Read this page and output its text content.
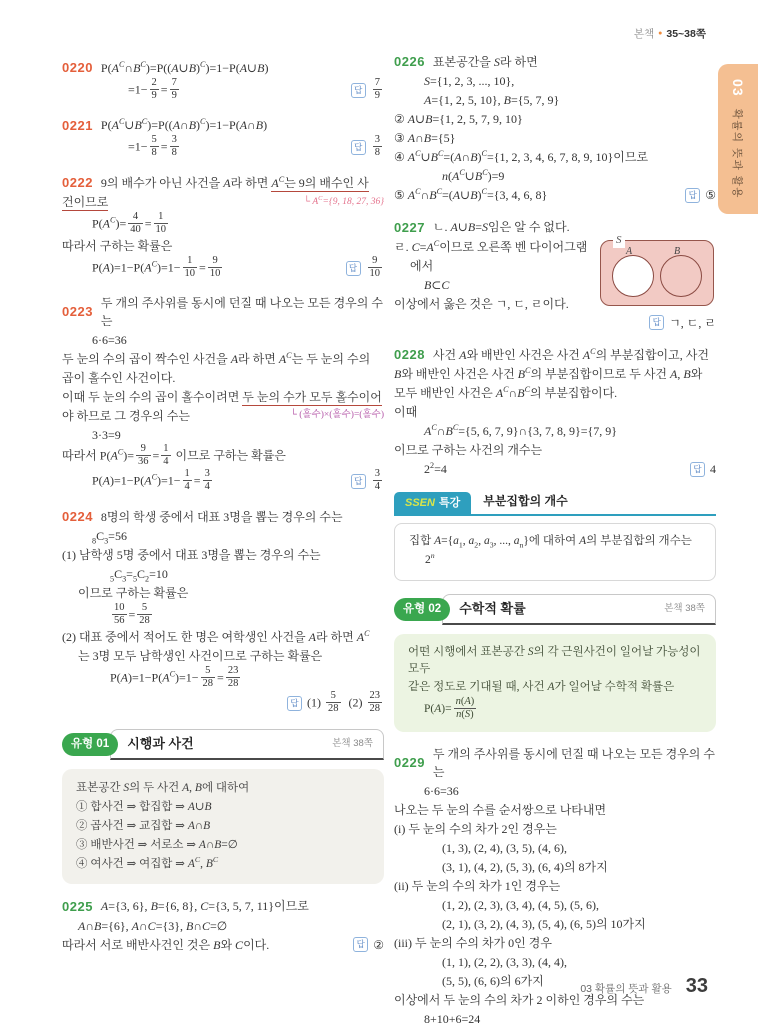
본책 ● 35~38쪽
03
확률의 뜻과 활용
0220 $P(A^C\cap B^C)=P((A\cup B)^C)=1-P(A\cup B)$
$=1- \frac{2}{9} = \frac{7}{9}$	답 $\frac{7}{9}$
0221 $P(A^C\cup B^C)=P((A\cap B)^C)=1-P(A\cap B)$
$=1- \frac{5}{8} = \frac{3}{8}$	답 $\frac{3}{8}$
0222 9의 배수가 아닌 사건을 A라 하면 $A^C$는 9의 배수인 사
건이므로	└ $A^C=\{9$, 18, 27, 36}
$P(A^C)= \frac{4}{40} = \frac{1}{10}$
따라서 구하는 확률은
$P(A)=1-P(A^C)=1- \frac{1}{10} = \frac{9}{10}$	답 $\frac{9}{10}$
0223
두 개의 주사위를 동시에 던질 때 나오는 모든 경우의 수는
6·6=36
두 눈의 수의 곱이 짝수인 사건을 A라 하면 $A^C$는 두 눈의 수의
곱이 홀수인 사건이다.
이때 두 눈의 수의 곱이 홀수이려면 두 눈의 수가 모두 홀수이어
야 하므로 그 경우의 수는	└ (홀수)×(홀수)=(홀수)
3·3=9
따라서 $P(A^C)= \frac{9}{36} = \frac{1}{4}$ 이므로 구하는 확률은
$P(A)=1-P(A^C)=1- \frac{1}{4} = \frac{3}{4}$	답 $\frac{3}{4}$
0224 8명의 학생 중에서 대표 3명을 뽑는 경우의 수는
$_8C_3=56$
(1) 남학생 5명 중에서 대표 3명을 뽑는 경우의 수는
$_5C_3=_5C_2=10$
이므로 구하는 확률은
$\frac{10}{56} = \frac{5}{28}$
(2) 대표 중에서 적어도 한 명은 여학생인 사건을 A라 하면 $A^C$
는 3명 모두 남학생인 사건이므로 구하는 확률은
$P(A)=1-P(A^C)=1- \frac{5}{28} = \frac{23}{28}$
답 $(1) \frac{5}{28} (2) \frac{23}{28}$
유형 01	시행과 사건	본책 38쪽
표본공간 S의 두 사건 A, B에 대하여
① 합사건 ⇒ 합집합 ⇒ A∪B
② 곱사건 ⇒ 교집합 ⇒ A∩B
③ 배반사건 ⇒ 서로소 ⇒ A∩B=∅
④ 여사건 ⇒ 여집합 ⇒ $A^C$, $B^C$
0225 A={3, 6}, B={6, 8}, C={3, 5, 7, 11}이므로
A∩B={6}, A∩C={3}, B∩C=∅
따라서 서로 배반사건인 것은 B와 C이다.	답 ②
0226 표본공간을 S라 하면
S={1, 2, 3, ..., 10},
A={1, 2, 5, 10}, B={5, 7, 9}
② A∪B={1, 2, 5, 7, 9, 10}
③ A∩B={5}
④ $A^C\cup B^C=(A\cap B)^C=\{1$, 2, 3, 4, 6, 7, 8, 9, 10}이므로
$n(A^C\cup B^C)=9$
⑤ $A^C\cap B^C=(A\cup B)^C=\{3$, 4, 6, 8}	답 ⑤
S
A	B
0227 ㄴ. A∪B=S임은 알 수 없다.
ㄹ. $C=A^C$이므로 오른쪽 벤 다이어그램
에서
B⊂C
이상에서 옳은 것은 ㄱ, ㄷ, ㄹ이다.
답 ㄱ, ㄷ, ㄹ
0228 사건 A와 배반인 사건은 사건 $A^C$의 부분집합이고, 사건
B와 배반인 사건은 사건 $B^C$의 부분집합이므로 두 사건 A, B와
모두 배반인 사건은 $A^C\cap B^C$의 부분집합이다.
이때
$A^C\cap B^C=\{5$, 6, 7, 9}∩{3, 7, 8, 9}={7, 9}
이므로 구하는 사건의 개수는
$2^2=4$	답 4
SSEN 특강	부분집합의 개수
집합 $A=\{a_1$, $a_2$, $a_3$, ..., $a_n$}에 대하여 A의 부분집합의 개수는
2$^n$
유형 02	수학적 확률	본책 38쪽
어떤 시행에서 표본공간 S의 각 근원사건이 일어날 가능성이 모두
같은 정도로 기대될 때, 사건 A가 일어날 수학적 확률은
$P(A)= \frac{n(A)}{n(S)}$
0229
두 개의 주사위를 동시에 던질 때 나오는 모든 경우의 수는
6·6=36
나오는 두 눈의 수를 순서쌍으로 나타내면
(i) 두 눈의 수의 차가 2인 경우는
(1, 3), (2, 4), (3, 5), (4, 6),
(3, 1), (4, 2), (5, 3), (6, 4)의 8가지
(ii) 두 눈의 수의 차가 1인 경우는
(1, 2), (2, 3), (3, 4), (4, 5), (5, 6),
(2, 1), (3, 2), (4, 3), (5, 4), (6, 5)의 10가지
(iii) 두 눈의 수의 차가 0인 경우
(1, 1), (2, 2), (3, 3), (4, 4),
(5, 5), (6, 6)의 6가지
이상에서 두 눈의 수의 차가 2 이하인 경우의 수는
8+10+6=24
03 확률의 뜻과 활용 33
